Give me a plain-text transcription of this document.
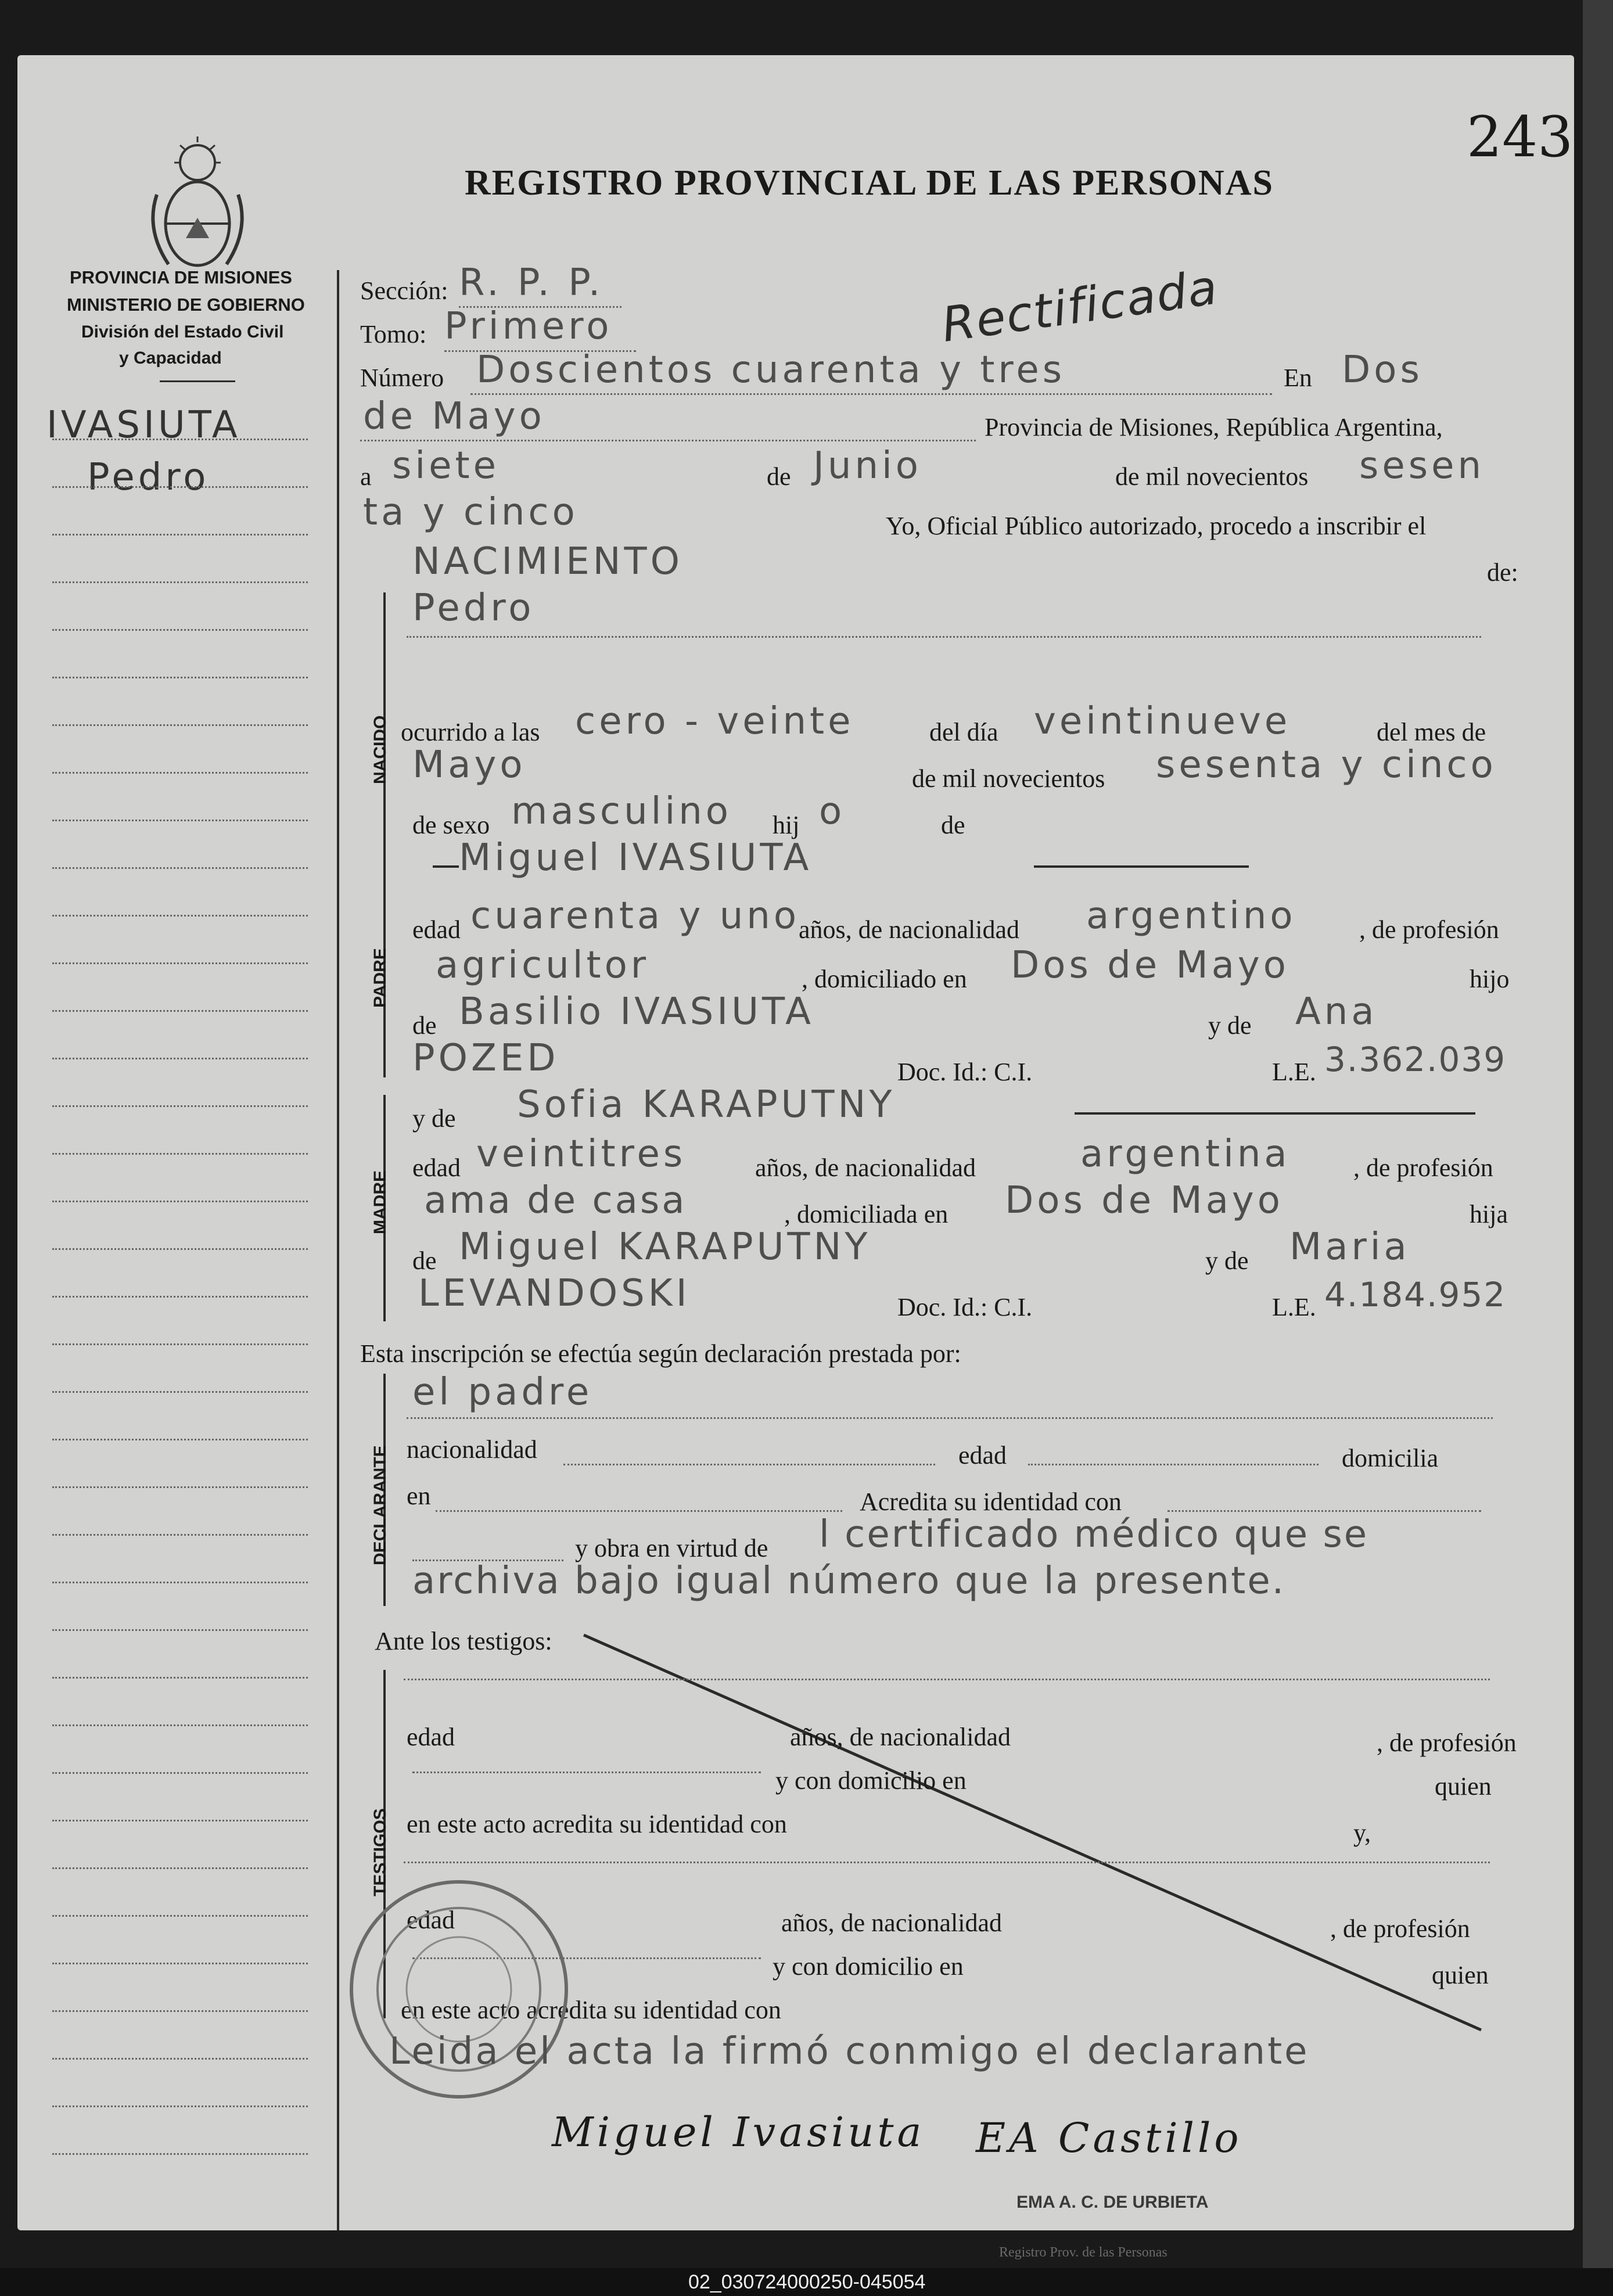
243
REGISTRO PROVINCIAL DE LAS PERSONAS
Rectificada
PROVINCIA DE MISIONES
MINISTERIO DE GOBIERNO
División del Estado Civil
y Capacidad
IVASIUTA
Pedro
Sección: R. P. P.
Tomo: Primero
Número Doscientos cuarenta y tres	En Dos
de Mayo	Provincia de Misiones, República Argentina,
a siete	de Junio	de mil novecientos sesen
ta y cinco	Yo, Oficial Público autorizado, procedo a inscribir el
NACIMIENTO	de:
NACIDO
Pedro
ocurrido a las cero - veinte	del día veintinueve	del mes de
Mayo	de mil novecientos sesenta y cinco
de sexo masculino hij o	de
PADRE
Miguel IVASIUTA
edad cuarenta y uno
años, de nacionalidad argentino , de profesión
agricultor	, domiciliado en Dos de Mayo	hijo
de Basilio IVASIUTA	y de Ana
POZED	Doc. Id.: C.I.	L.E. 3.362.039
MADRE
y de Sofia KARAPUTNY
edad veintitres	años, de nacionalidad	argentina , de profesión
ama de casa	, domiciliada en Dos de Mayo	hija
de Miguel KARAPUTNY	y de Maria
LEVANDOSKI	Doc. Id.: C.I.	L.E. 4.184.952
Esta inscripción se efectúa según declaración prestada por:
DECLARANTE
el padre
nacionalidad	edad	domicilia
en	Acredita su identidad con
y obra en virtud de l certificado médico que se
archiva bajo igual número que la presente.
Ante los testigos:
TESTIGOS
edad	años, de nacionalidad	, de profesión
y con domicilio en	quien
en este acto acredita su identidad con	y,
edad	años, de nacionalidad	, de profesión
y con domicilio en	quien
en este acto acredita su identidad con
Leida el acta la firmó conmigo el declarante
Miguel Ivasiuta EA Castillo
EMA A. C. DE URBIETA
Registro Prov. de las Personas
02_030724000250-045054
